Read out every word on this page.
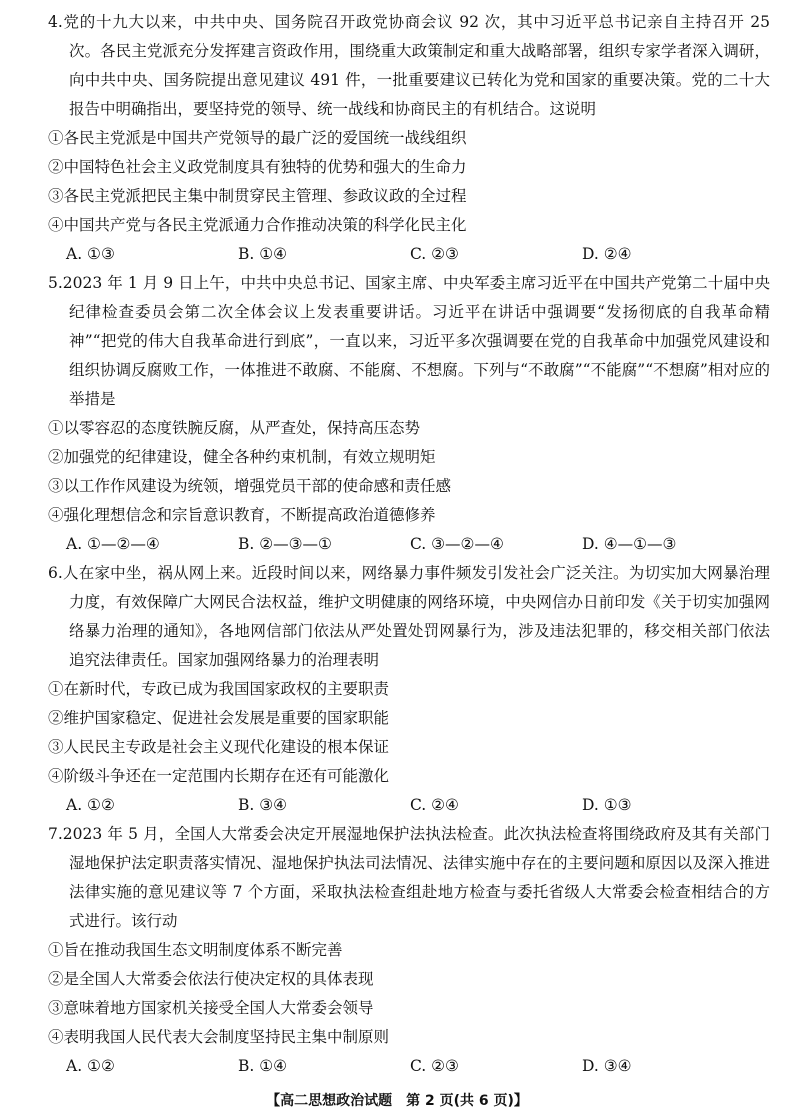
4.党的十九大以来，中共中央、国务院召开政党协商会议 92 次，其中习近平总书记亲自主持召开 25 次。各民主党派充分发挥建言资政作用，围绕重大政策制定和重大战略部署，组织专家学者深入调研，向中共中央、国务院提出意见建议 491 件，一批重要建议已转化为党和国家的重要决策。党的二十大报告中明确指出，要坚持党的领导、统一战线和协商民主的有机结合。这说明

①各民主党派是中国共产党领导的最广泛的爱国统一战线组织

②中国特色社会主义政党制度具有独特的优势和强大的生命力

③各民主党派把民主集中制贯穿民主管理、参政议政的全过程

④中国共产党与各民主党派通力合作推动决策的科学化民主化

A. ①③	B. ①④	C. ②③	D. ②④

5.2023 年 1 月 9 日上午，中共中央总书记、国家主席、中央军委主席习近平在中国共产党第二十届中央纪律检查委员会第二次全体会议上发表重要讲话。习近平在讲话中强调要“发扬彻底的自我革命精神”“把党的伟大自我革命进行到底”，一直以来，习近平多次强调要在党的自我革命中加强党风建设和组织协调反腐败工作，一体推进不敢腐、不能腐、不想腐。下列与“不敢腐”“不能腐”“不想腐”相对应的举措是

①以零容忍的态度铁腕反腐，从严查处，保持高压态势

②加强党的纪律建设，健全各种约束机制，有效立规明矩

③以工作作风建设为统领，增强党员干部的使命感和责任感

④强化理想信念和宗旨意识教育，不断提高政治道德修养

A. ①—②—④	B. ②—③—①	C. ③—②—④	D. ④—①—③

6.人在家中坐，祸从网上来。近段时间以来，网络暴力事件频发引发社会广泛关注。为切实加大网暴治理力度，有效保障广大网民合法权益，维护文明健康的网络环境，中央网信办日前印发《关于切实加强网络暴力治理的通知》，各地网信部门依法从严处置处罚网暴行为，涉及违法犯罪的，移交相关部门依法追究法律责任。国家加强网络暴力的治理表明

①在新时代，专政已成为我国国家政权的主要职责

②维护国家稳定、促进社会发展是重要的国家职能

③人民民主专政是社会主义现代化建设的根本保证

④阶级斗争还在一定范围内长期存在还有可能激化

A. ①②	B. ③④	C. ②④	D. ①③

7.2023 年 5 月，全国人大常委会决定开展湿地保护法执法检查。此次执法检查将围绕政府及其有关部门湿地保护法定职责落实情况、湿地保护执法司法情况、法律实施中存在的主要问题和原因以及深入推进法律实施的意见建议等 7 个方面，采取执法检查组赴地方检查与委托省级人大常委会检查相结合的方式进行。该行动

①旨在推动我国生态文明制度体系不断完善

②是全国人大常委会依法行使决定权的具体表现

③意味着地方国家机关接受全国人大常委会领导

④表明我国人民代表大会制度坚持民主集中制原则

A. ①②	B. ①④	C. ②③	D. ③④
【高二思想政治试题　第 2 页(共 6 页)】
